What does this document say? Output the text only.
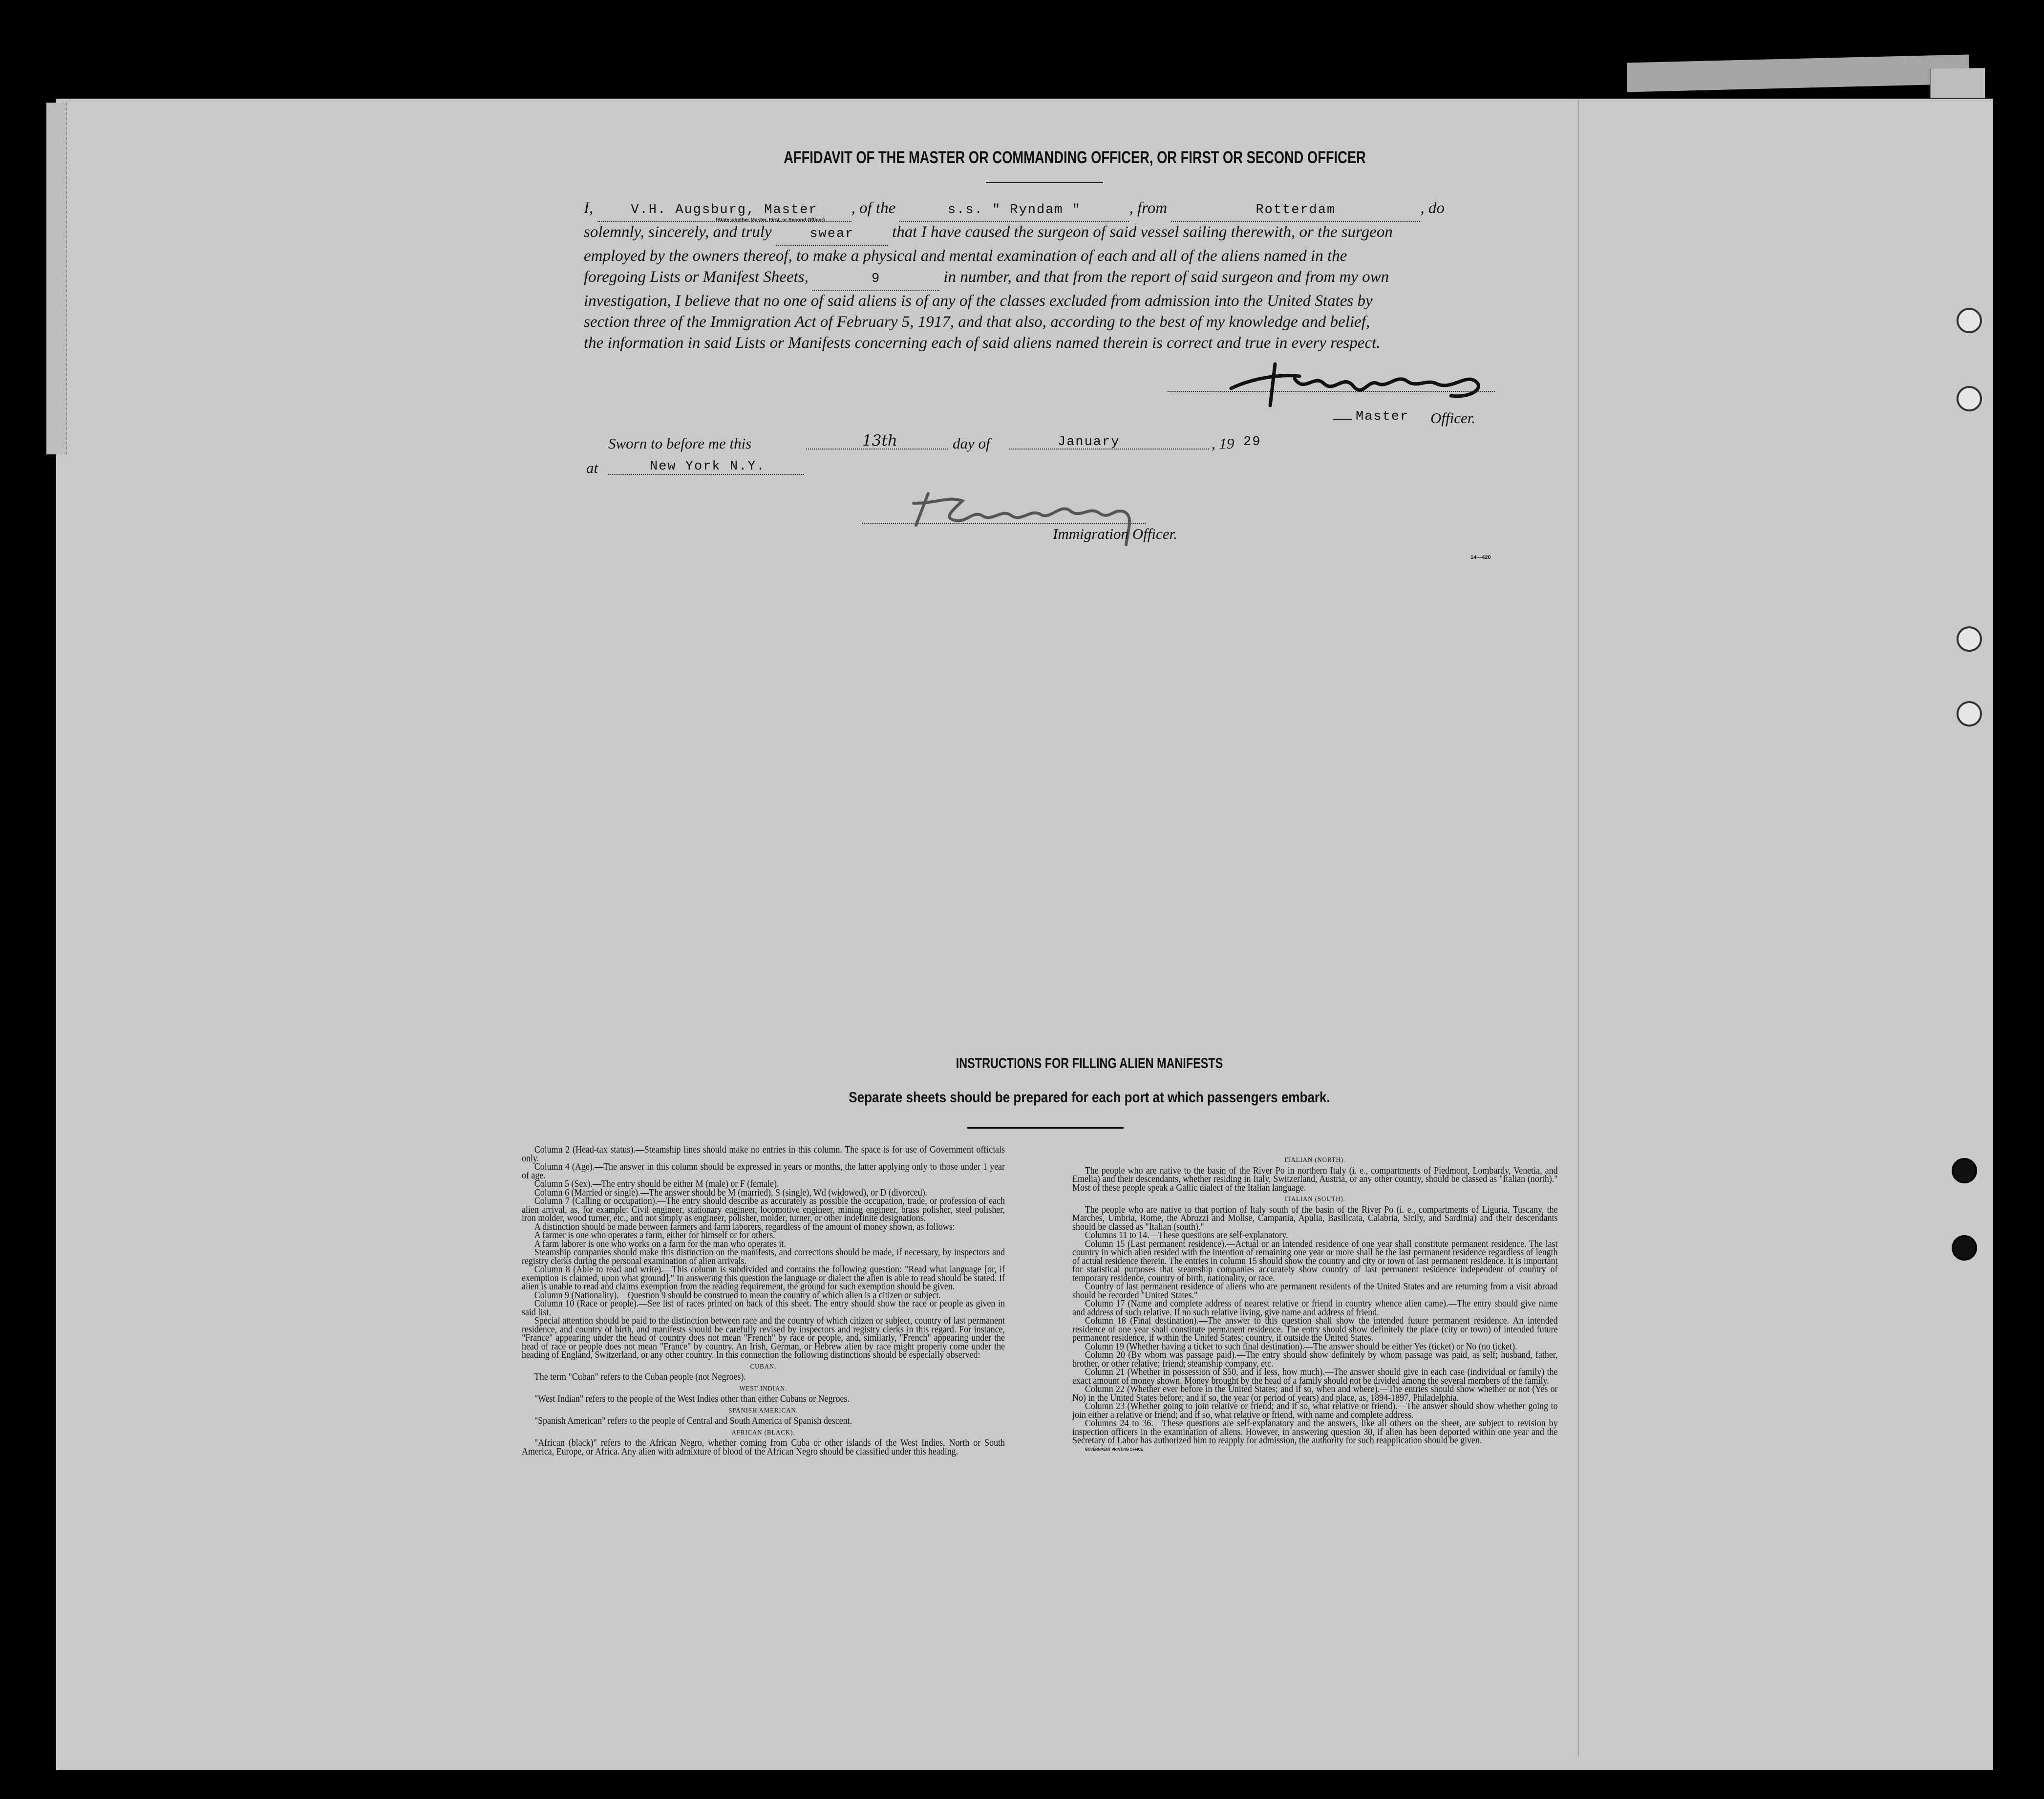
AFFIDAVIT OF THE MASTER OR COMMANDING OFFICER, OR FIRST OR SECOND OFFICER
I,	V.H. Augsburg, Master , of the	s.s. " Ryndam "	, from	Rotterdam	, do
solemnly, sincerely, and truly	swear that I have caused the surgeon of said vessel sailing therewith, or the surgeon
employed by the owners thereof, to make a physical and mental examination of each and all of the aliens named in the
foregoing Lists or Manifest Sheets,	9	in number, and that from the report of said surgeon and from my own
investigation, I believe that no one of said aliens is of any of the classes excluded from admission into the United States by
section three of the Immigration Act of February 5, 1917, and that also, according to the best of my knowledge and belief,
the information in said Lists or Manifests concerning each of said aliens named therein is correct and true in every respect.
(State whether Master, First, or Second Officer)
Master Officer.
Sworn to before me this	13th	day of	January	, 19 29
at	New York N.Y.
Immigration Officer.
14—420
INSTRUCTIONS FOR FILLING ALIEN MANIFESTS
Separate sheets should be prepared for each port at which passengers embark.

Column 2 (Head-tax status).—Steamship lines should make no entries in this column. The space is for use of Government officials only.

Column 4 (Age).—The answer in this column should be expressed in years or months, the latter applying only to those under 1 year of age.

Column 5 (Sex).—The entry should be either M (male) or F (female).

Column 6 (Married or single).—The answer should be M (married), S (single), Wd (widowed), or D (divorced).

Column 7 (Calling or occupation).—The entry should describe as accurately as possible the occupation, trade, or profession of each alien arrival, as, for example: Civil engineer, stationary engineer, locomotive engineer, mining engineer, brass polisher, steel polisher, iron molder, wood turner, etc., and not simply as engineer, polisher, molder, turner, or other indefinite designations.

A distinction should be made between farmers and farm laborers, regardless of the amount of money shown, as follows:

A farmer is one who operates a farm, either for himself or for others.

A farm laborer is one who works on a farm for the man who operates it.

Steamship companies should make this distinction on the manifests, and corrections should be made, if necessary, by inspectors and registry clerks during the personal examination of alien arrivals.

Column 8 (Able to read and write).—This column is subdivided and contains the following question: "Read what language [or, if exemption is claimed, upon what ground]." In answering this question the language or dialect the alien is able to read should be stated. If alien is unable to read and claims exemption from the reading requirement, the ground for such exemption should be given.

Column 9 (Nationality).—Question 9 should be construed to mean the country of which alien is a citizen or subject.

Column 10 (Race or people).—See list of races printed on back of this sheet. The entry should show the race or people as given in said list.

Special attention should be paid to the distinction between race and the country of which citizen or subject, country of last permanent residence, and country of birth, and manifests should be carefully revised by inspectors and registry clerks in this regard. For instance, "France" appearing under the head of country does not mean "French" by race or people, and, similarly, "French" appearing under the head of race or people does not mean "France" by country. An Irish, German, or Hebrew alien by race might properly come under the heading of England, Switzerland, or any other country. In this connection the following distinctions should be especially observed:

CUBAN.

The term "Cuban" refers to the Cuban people (not Negroes).

WEST INDIAN.

"West Indian" refers to the people of the West Indies other than either Cubans or Negroes.

SPANISH AMERICAN.

"Spanish American" refers to the people of Central and South America of Spanish descent.

AFRICAN (BLACK).

"African (black)" refers to the African Negro, whether coming from Cuba or other islands of the West Indies, North or South America, Europe, or Africa. Any alien with admixture of blood of the African Negro should be classified under this heading.

ITALIAN (NORTH).

The people who are native to the basin of the River Po in northern Italy (i. e., compartments of Piedmont, Lombardy, Venetia, and Emelia) and their descendants, whether residing in Italy, Switzerland, Austria, or any other country, should be classed as "Italian (north)." Most of these people speak a Gallic dialect of the Italian language.

ITALIAN (SOUTH).

The people who are native to that portion of Italy south of the basin of the River Po (i. e., compartments of Liguria, Tuscany, the Marches, Umbria, Rome, the Abruzzi and Molise, Campania, Apulia, Basilicata, Calabria, Sicily, and Sardinia) and their descendants should be classed as "Italian (south)."

Columns 11 to 14.—These questions are self-explanatory.

Column 15 (Last permanent residence).—Actual or an intended residence of one year shall constitute permanent residence. The last country in which alien resided with the intention of remaining one year or more shall be the last permanent residence regardless of length of actual residence therein. The entries in column 15 should show the country and city or town of last permanent residence. It is important for statistical purposes that steamship companies accurately show country of last permanent residence independent of country of temporary residence, country of birth, nationality, or race.

Country of last permanent residence of aliens who are permanent residents of the United States and are returning from a visit abroad should be recorded "United States."

Column 17 (Name and complete address of nearest relative or friend in country whence alien came).—The entry should give name and address of such relative. If no such relative living, give name and address of friend.

Column 18 (Final destination).—The answer to this question shall show the intended future permanent residence. An intended residence of one year shall constitute permanent residence. The entry should show definitely the place (city or town) of intended future permanent residence, if within the United States; country, if outside the United States.

Column 19 (Whether having a ticket to such final destination).—The answer should be either Yes (ticket) or No (no ticket).

Column 20 (By whom was passage paid).—The entry should show definitely by whom passage was paid, as self; husband, father, brother, or other relative; friend; steamship company, etc.

Column 21 (Whether in possession of $50, and if less, how much).—The answer should give in each case (individual or family) the exact amount of money shown. Money brought by the head of a family should not be divided among the several members of the family.

Column 22 (Whether ever before in the United States; and if so, when and where).—The entries should show whether or not (Yes or No) in the United States before; and if so, the year (or period of years) and place, as, 1894-1897, Philadelphia.

Column 23 (Whether going to join relative or friend; and if so, what relative or friend).—The answer should show whether going to join either a relative or friend; and if so, what relative or friend, with name and complete address.

Columns 24 to 36.—These questions are self-explanatory and the answers, like all others on the sheet, are subject to revision by inspection officers in the examination of aliens. However, in answering question 30, if alien has been deported within one year and the Secretary of Labor has authorized him to reapply for admission, the authority for such reapplication should be given.

GOVERNMENT PRINTING OFFICE
